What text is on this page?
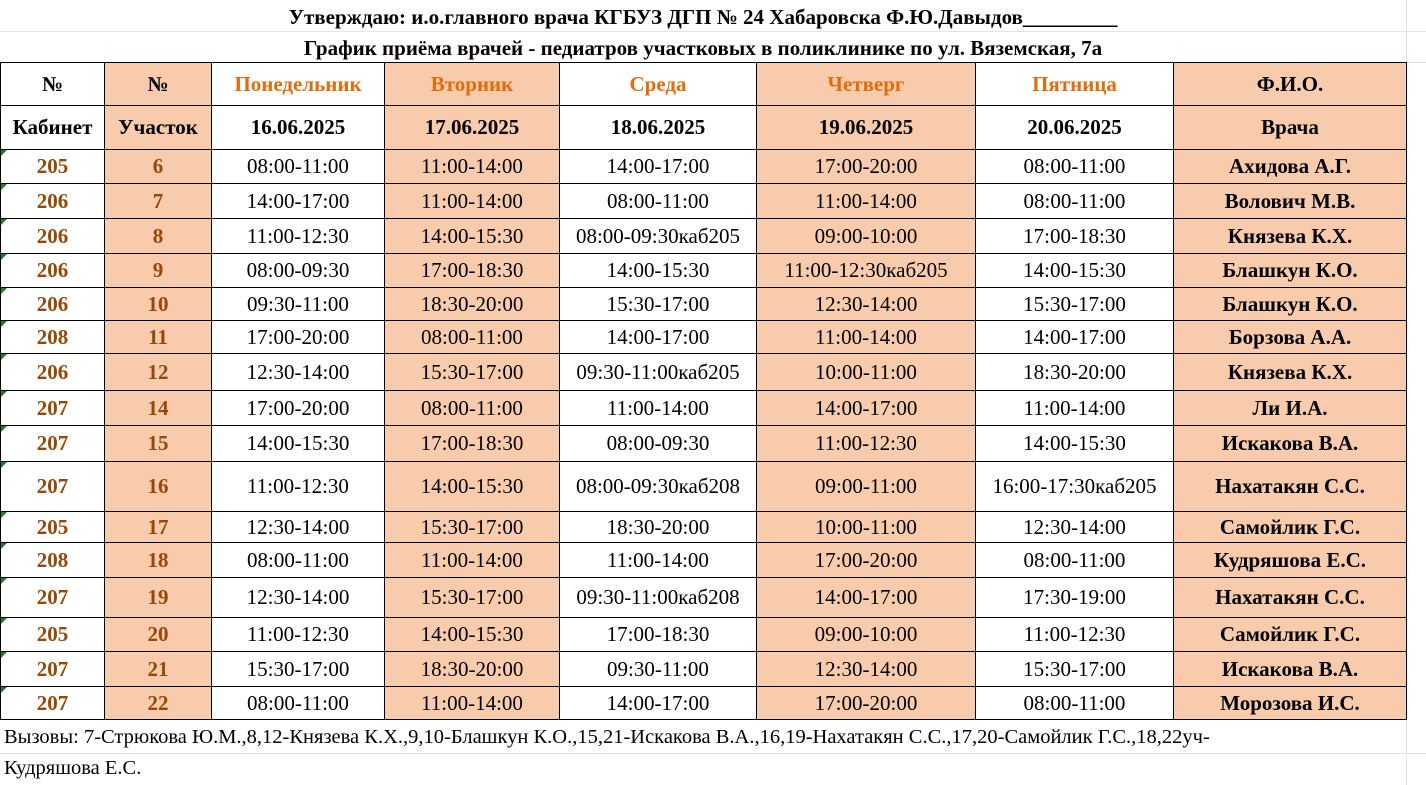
Утверждаю: и.о.главного врача КГБУЗ ДГП № 24 Хабаровска Ф.Ю.Давыдов_________
График приёма врачей - педиатров участковых в поликлинике по ул. Вяземская, 7а
№	№	Понедельник	Вторник	Среда	Четверг	Пятница	Ф.И.О.
Кабинет	Участок	16.06.2025	17.06.2025	18.06.2025	19.06.2025	20.06.2025	Врача

205	6	08:00-11:00	11:00-14:00	14:00-17:00	17:00-20:00	08:00-11:00	Ахидова А.Г.

206	7	14:00-17:00	11:00-14:00	08:00-11:00	11:00-14:00	08:00-11:00	Волович М.В.

206	8	11:00-12:30	14:00-15:30	08:00-09:30каб205	09:00-10:00	17:00-18:30	Князева К.Х.

206	9	08:00-09:30	17:00-18:30	14:00-15:30	11:00-12:30каб205	14:00-15:30	Блашкун К.О.

206	10	09:30-11:00	18:30-20:00	15:30-17:00	12:30-14:00	15:30-17:00	Блашкун К.О.

208	11	17:00-20:00	08:00-11:00	14:00-17:00	11:00-14:00	14:00-17:00	Борзова А.А.

206	12	12:30-14:00	15:30-17:00	09:30-11:00каб205	10:00-11:00	18:30-20:00	Князева К.Х.

207	14	17:00-20:00	08:00-11:00	11:00-14:00	14:00-17:00	11:00-14:00	Ли И.А.

207	15	14:00-15:30	17:00-18:30	08:00-09:30	11:00-12:30	14:00-15:30	Искакова В.А.

207	16	11:00-12:30	14:00-15:30	08:00-09:30каб208	09:00-11:00	16:00-17:30каб205	Нахатакян С.С.

205	17	12:30-14:00	15:30-17:00	18:30-20:00	10:00-11:00	12:30-14:00	Самойлик Г.С.

208	18	08:00-11:00	11:00-14:00	11:00-14:00	17:00-20:00	08:00-11:00	Кудряшова Е.С.

207	19	12:30-14:00	15:30-17:00	09:30-11:00каб208	14:00-17:00	17:30-19:00	Нахатакян С.С.

205	20	11:00-12:30	14:00-15:30	17:00-18:30	09:00-10:00	11:00-12:30	Самойлик Г.С.

207	21	15:30-17:00	18:30-20:00	09:30-11:00	12:30-14:00	15:30-17:00	Искакова В.А.

207	22	08:00-11:00	11:00-14:00	14:00-17:00	17:00-20:00	08:00-11:00	Морозова И.С.
Вызовы: 7-Стрюкова Ю.М.,8,12-Князева К.Х.,9,10-Блашкун К.О.,15,21-Искакова В.А.,16,19-Нахатакян С.С.,17,20-Самойлик Г.С.,18,22уч- Кудряшова Е.С.
